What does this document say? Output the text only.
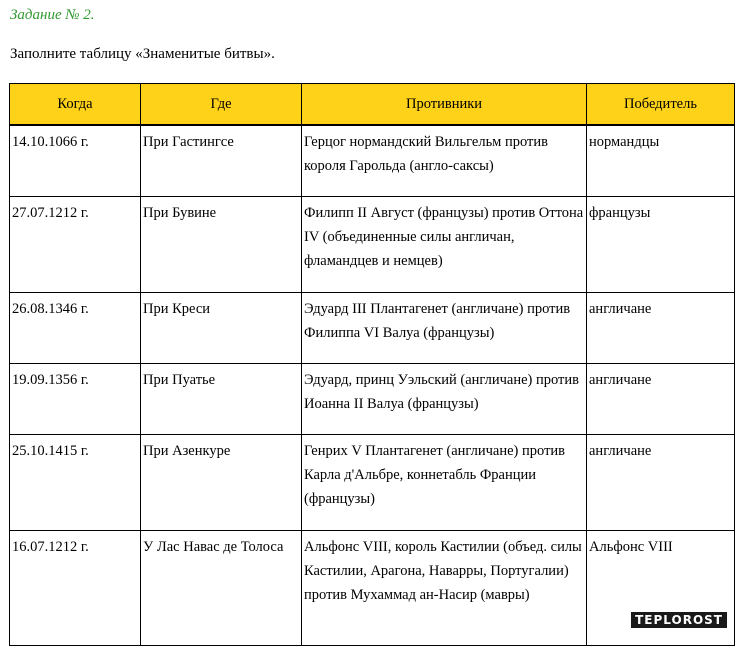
Задание № 2.
Заполните таблицу «Знаменитые битвы».
Когда	Где	Противники	Победитель
14.10.1066 г.	При Гастингсе	Герцог нормандский Вильгельм против короля Гарольда (англо-саксы)	нормандцы
27.07.1212 г.	При Бувине	Филипп II Август (французы) против Оттона IV (объединенные силы англичан, фламандцев и немцев)	французы
26.08.1346 г.	При Креси	Эдуард III Плантагенет (англичане) против Филиппа VI Валуа (французы)	англичане
19.09.1356 г.	При Пуатье	Эдуард, принц Уэльский (англичане) против Иоанна II Валуа (французы)	англичане
25.10.1415 г.	При Азенкуре	Генрих V Плантагенет (англичане) против Карла д'Альбре, коннетабль Франции (французы)	англичане
16.07.1212 г.	У Лас Навас де Толоса	Альфонс VIII, король Кастилии (объед. силы Кастилии, Арагона, Наварры, Португалии) против Мухаммад ан-Насир (мавры)	Альфонс VIII
TEPLOROST
